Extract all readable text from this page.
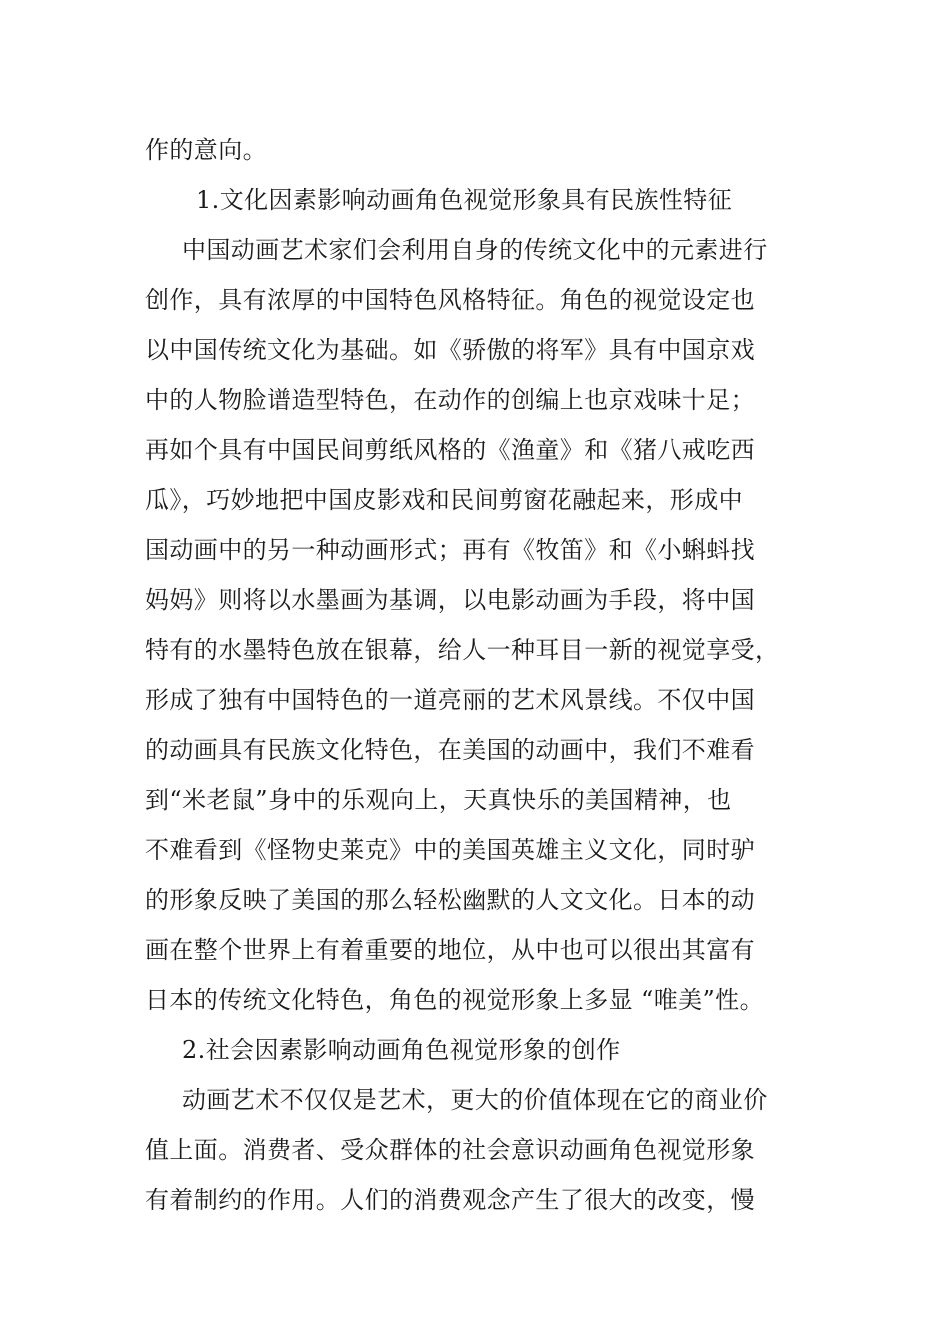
作的意向。
1.文化因素影响动画角色视觉形象具有民族性特征
中国动画艺术家们会利用自身的传统文化中的元素进行
创作，具有浓厚的中国特色风格特征。角色的视觉设定也
以中国传统文化为基础。如《骄傲的将军》具有中国京戏
中的人物脸谱造型特色，在动作的创编上也京戏味十足；
再如个具有中国民间剪纸风格的《渔童》和《猪八戒吃西
瓜》，巧妙地把中国皮影戏和民间剪窗花融起来，形成中
国动画中的另一种动画形式；再有《牧笛》和《小蝌蚪找
妈妈》则将以水墨画为基调，以电影动画为手段，将中国
特有的水墨特色放在银幕，给人一种耳目一新的视觉享受，
形成了独有中国特色的一道亮丽的艺术风景线。不仅中国
的动画具有民族文化特色，在美国的动画中，我们不难看
到“米老鼠”身中的乐观向上，天真快乐的美国精神，也
不难看到《怪物史莱克》中的美国英雄主义文化，同时驴
的形象反映了美国的那么轻松幽默的人文文化。日本的动
画在整个世界上有着重要的地位，从中也可以很出其富有
日本的传统文化特色，角色的视觉形象上多显 “唯美”性。
2.社会因素影响动画角色视觉形象的创作
动画艺术不仅仅是艺术，更大的价值体现在它的商业价
值上面。消费者、受众群体的社会意识动画角色视觉形象
有着制约的作用。人们的消费观念产生了很大的改变，慢
